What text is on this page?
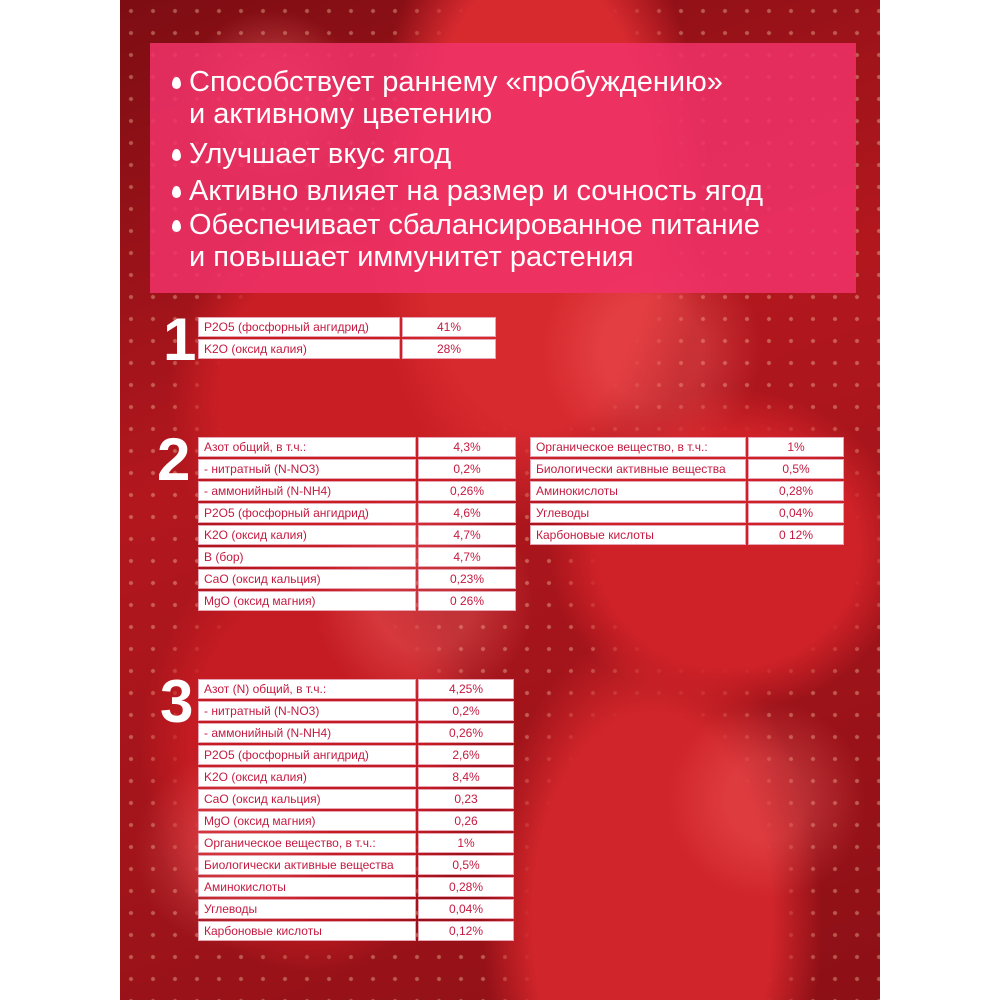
Способствует раннему «пробуждению»
и активному цветению
Улучшает вкус ягод
Активно влияет на размер и сочность ягод
Обеспечивает сбалансированное питание
и повышает иммунитет растения
1
2
3
P2O5 (фосфорный ангидрид)	41%
K2O (оксид калия)	28%
Азот общий, в т.ч.:	4,3%
- нитратный (N-NO3)	0,2%
- аммонийный (N-NH4)	0,26%
P2O5 (фосфорный ангидрид)	4,6%
K2O (оксид калия)	4,7%
B (бор)	4,7%
CaO (оксид кальция)	0,23%
MgO (оксид магния)	0 26%
Органическое вещество, в т.ч.:	1%
Биологически активные вещества	0,5%
Аминокислоты	0,28%
Углеводы	0,04%
Карбоновые кислоты	0 12%
Азот (N) общий, в т.ч.:	4,25%
- нитратный (N-NO3)	0,2%
- аммонийный (N-NH4)	0,26%
P2O5 (фосфорный ангидрид)	2,6%
K2O (оксид калия)	8,4%
CaO (оксид кальция)	0,23
MgO (оксид магния)	0,26
Органическое вещество, в т.ч.:	1%
Биологически активные вещества	0,5%
Аминокислоты	0,28%
Углеводы	0,04%
Карбоновые кислоты	0,12%
